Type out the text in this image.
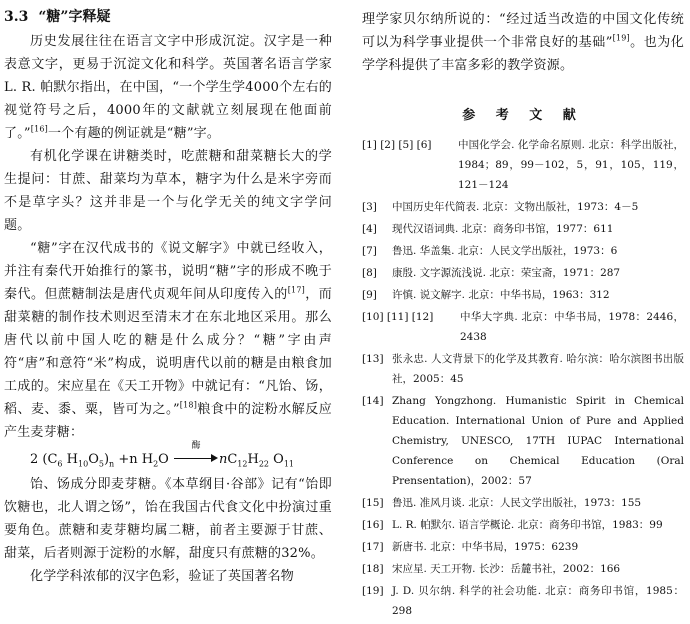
3.3 “糖”字释疑

历史发展往往在语言文字中形成沉淀。汉字是一种表意文字，更易于沉淀文化和科学。英国著名语言学家L. R. 帕默尔指出，在中国，“一个学生学4000个左右的视觉符号之后，4000年的文献就立刻展现在他面前了。”[16]一个有趣的例证就是“糖”字。

有机化学课在讲糖类时，吃蔗糖和甜菜糖长大的学生提问：甘蔗、甜菜均为草本，糖字为什么是米字旁而不是草字头？这并非是一个与化学无关的纯文字学问题。

“糖”字在汉代成书的《说文解字》中就已经收入，并注有秦代开始推行的篆书，说明“糖”字的形成不晚于秦代。但蔗糖制法是唐代贞观年间从印度传入的[17]，而甜菜糖的制作技术则迟至清末才在东北地区采用。那么唐代以前中国人吃的糖是什么成分？“糖”字由声符“唐”和意符“米”构成，说明唐代以前的糖是由粮食加工成的。宋应星在《天工开物》中就记有：“凡饴、饧，稻、麦、黍、粟，皆可为之。”[18]粮食中的淀粉水解反应产生麦芽糖：

2 ($C_6$ $H_{10}O_5)_n +n$ $H_2O$
酶
$nC_{12}H_{22}$ $O_{11}$

饴、饧成分即麦芽糖。《本草纲目·谷部》记有“饴即饮糖也，北人谓之饧”，饴在我国古代食文化中扮演过重要角色。蔗糖和麦芽糖均属二糖，前者主要源于甘蔗、甜菜，后者则源于淀粉的水解，甜度只有蔗糖的32%。

化学学科浓郁的汉字色彩，验证了英国著名物

理学家贝尔纳所说的：“经过适当改造的中国文化传统可以为科学事业提供一个非常良好的基础”[19]。也为化学学科提供了丰富多彩的教学资源。

参 考 文 献
[1] [2] [5] [6]	中国化学会. 化学命名原则. 北京：科学出版社，1984；89，99－102，5，91，105，119，121－124
[3]	中国历史年代简表. 北京：文物出版社，1973：4－5
[4]	现代汉语词典. 北京：商务印书馆，1977：611
[7]	鲁迅. 华盖集. 北京：人民文学出版社，1973：6
[8]	康殷. 文字源流浅说. 北京：荣宝斋，1971：287
[9]	许慎. 说文解字. 北京：中华书局，1963：312
[10] [11] [12]	中华大字典. 北京：中华书局，1978：2446，2438
[13] 张永忠. 人文背景下的化学及其教育. 哈尔滨：哈尔滨图书出版社，2005：45
[14] Zhang Yongzhong. Humanistic Spirit in Chemical Education. International Union of Pure and Applied Chemistry, UNESCO, 17TH IUPAC International Conference on Chemical Education (Oral Prensentation)，2002：57
[15] 鲁迅. 准风月谈. 北京：人民文学出版社，1973：155
[16] L. R. 帕默尔. 语言学概论. 北京：商务印书馆，1983：99
[17] 新唐书. 北京：中华书局，1975：6239
[18] 宋应星. 天工开物. 长沙：岳麓书社，2002：166
[19] J. D. 贝尔纳. 科学的社会功能. 北京：商务印书馆，1985：298
